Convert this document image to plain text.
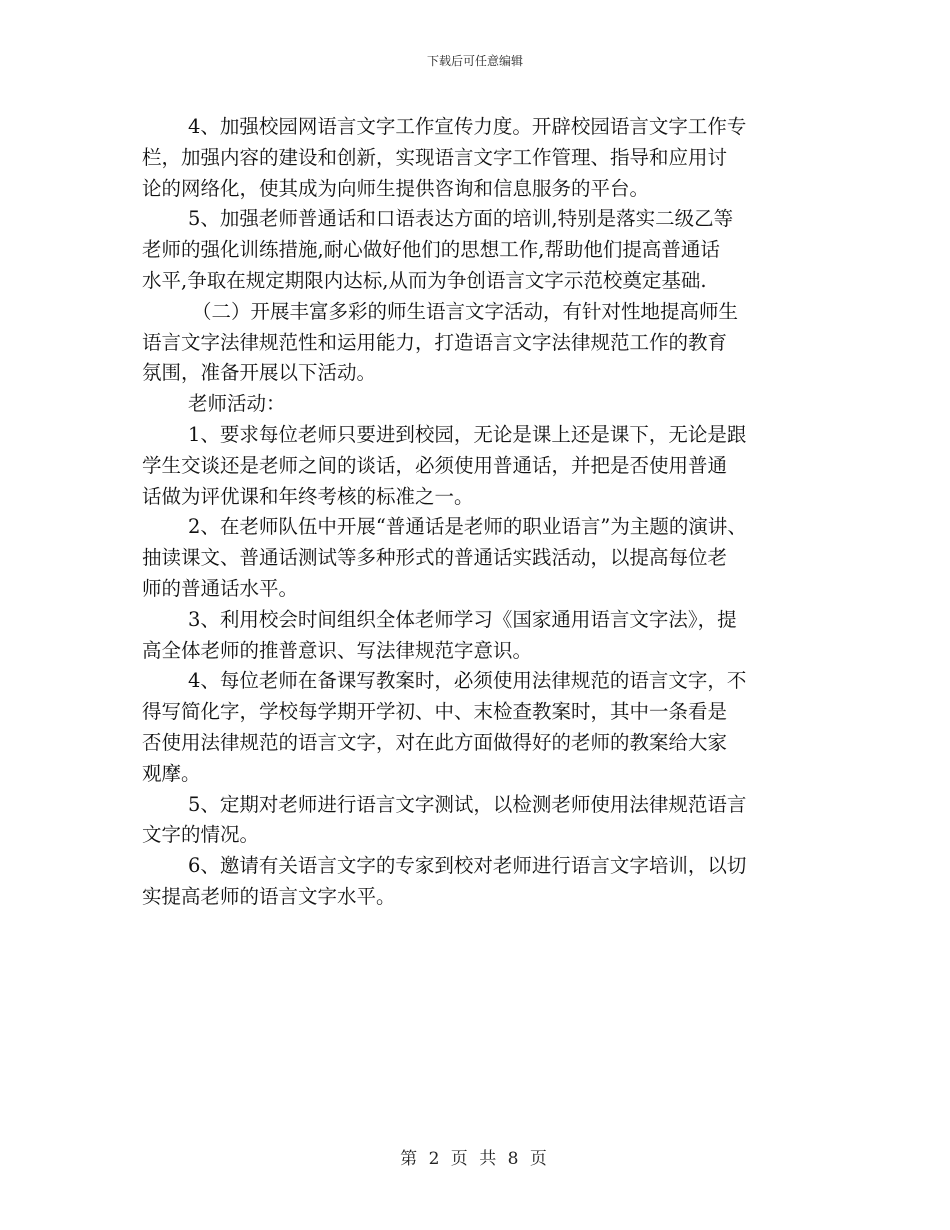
下载后可任意编辑

4、加强校园网语言文字工作宣传力度。开辟校园语言文字工作专
栏，加强内容的建设和创新，实现语言文字工作管理、指导和应用讨
论的网络化，使其成为向师生提供咨询和信息服务的平台。

5、加强老师普通话和口语表达方面的培训,特别是落实二级乙等
老师的强化训练措施,耐心做好他们的思想工作,帮助他们提高普通话
水平,争取在规定期限内达标,从而为争创语言文字示范校奠定基础.

（二）开展丰富多彩的师生语言文字活动，有针对性地提高师生
语言文字法律规范性和运用能力，打造语言文字法律规范工作的教育
氛围，准备开展以下活动。

老师活动：

1、要求每位老师只要进到校园，无论是课上还是课下，无论是跟
学生交谈还是老师之间的谈话，必须使用普通话，并把是否使用普通
话做为评优课和年终考核的标准之一。

2、在老师队伍中开展“普通话是老师的职业语言”为主题的演讲、
抽读课文、普通话测试等多种形式的普通话实践活动，以提高每位老
师的普通话水平。

3、利用校会时间组织全体老师学习《国家通用语言文字法》，提
高全体老师的推普意识、写法律规范字意识。

4、每位老师在备课写教案时，必须使用法律规范的语言文字，不
得写简化字，学校每学期开学初、中、末检查教案时，其中一条看是
否使用法律规范的语言文字，对在此方面做得好的老师的教案给大家
观摩。

5、定期对老师进行语言文字测试，以检测老师使用法律规范语言
文字的情况。

6、邀请有关语言文字的专家到校对老师进行语言文字培训，以切
实提高老师的语言文字水平。

第 2 页 共 8 页
